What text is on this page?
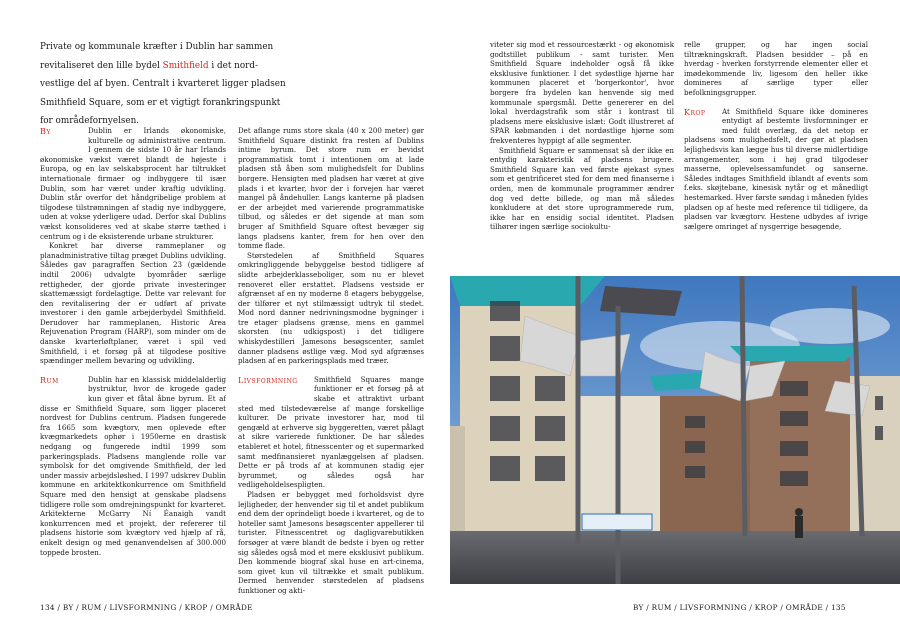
Private og kommunale kræfter i Dublin har sammen revitaliseret den lille bydel Smithfield i det nord-vestlige del af byen. Centralt i kvarteret ligger pladsen Smithfield Square, som er et vigtigt forankringspunkt for områdefornyelsen.
By	Dublin er Irlands økonomiske, kulturelle og administrative centrum. I gennem de sidste 10 år har Irlands økonomiske vækst været blandt de højeste i Europa, og en lav selskabsprocent har tiltrukket internationale firmaer og indbyggere til især Dublin, som har været under kraftig udvikling. Dublin står overfor det håndgribelige problem at tilgodese tilstrømningen af stadig nye indbyggere, uden at vokse yderligere udad. Derfor skal Dublins vækst konsolideres ved at skabe større tæthed i centrum og i de eksisterende urbane strukturer.

Konkret har diverse rammeplaner og planadministrative tiltag præget Dublins udvikling. Således gav paragraffen Section 23 (gældende indtil 2006) udvalgte byområder særlige rettigheder, der gjorde private investeringer skattemæssigt fordelagtige. Dette var relevant for den revitalisering der er udført af private investorer i den gamle arbejderbydel Smithfield. Derudover har rammeplanen, Historic Area Rejuvenation Program (HARP), som minder om de danske kvarterløftplaner, været i spil ved Smithfield, i et forsøg på at tilgodese positive spændinger mellem bevaring og udvikling.

Rum	Dublin har en klassisk middelalderlig bystruktur, hvor de krogede gader kun giver et fåtal åbne byrum. Et af disse er Smithfield Square, som ligger placeret nordvest for Dublins centrum. Pladsen fungerede fra 1665 som kvægtorv, men oplevede efter kvægmarkedets ophør i 1950erne en drastisk nedgang og fungerede indtil 1999 som parkeringsplads. Pladsens manglende rolle var symbolsk for det omgivende Smithfield, der led under massiv arbejdsløshed. I 1997 udskrev Dublin kommune en arkitektkonkurrence om Smithfield Square med den hensigt at genskabe pladsens tidligere rolle som omdrejningspunkt for kvarteret. Arkitekterne McGarry Ní Éanaigh vandt konkurrencen med et projekt, der refererer til pladsens historie som kvægtorv ved hjælp af rå, enkelt design og med genanvendelsen af 300.000 toppede brosten.

Det aflange rums store skala (40 x 200 meter) gør Smithfield Square distinkt fra resten af Dublins intime byrum. Det store rum er bevidst programmatisk tomt i intentionen om at lade pladsen stå åben som mulighedsfelt for Dublins borgere. Hensigten med pladsen har været at give plads i et kvarter, hvor der i forvejen har været mangel på åndehuller. Langs kanterne på pladsen er der arbejdet med varierende programmatiske tilbud, og således er det sigende at man som bruger af Smithfield Square oftest bevæger sig langs pladsens kanter, frem for hen over den tomme flade.

Størstedelen af Smithfield Squares omkringliggende bebyggelse bestod tidligere af slidte arbejderklasseboliger, som nu er blevet renoveret eller erstattet. Pladsens vestside er afgrænset af en ny moderne 8 etagers bebyggelse, der tilfører et nyt stilmæssigt udtryk til stedet. Mod nord danner nedrivningsmodne bygninger i tre etager pladsens grænse, mens en gammel skorsten (nu udkigspost) i det tidligere whiskydestilleri Jamesons besøgscenter, samlet danner pladsens østlige væg. Mod syd afgrænses pladsen af en parkeringsplads med træer.

Livsformning	Smithfield Squares mange funktioner er et forsøg på at skabe et attraktivt urbant sted med tilstedeværelse af mange forskellige kulturer. De private investorer har, mod til gengæld at erhverve sig byggeretten, været pålagt at sikre varierede funktioner. De har således etableret et hotel, fitnesscenter og et supermarked samt medfinansieret nyanlæggelsen af pladsen. Dette er på trods af at kommunen stadig ejer byrummet, og således også har vedligeholdelsespligten.

Pladsen er bebygget med forholdsvist dyre lejligheder, der henvender sig til et andet publikum end dem der oprindeligt boede i kvarteret, og de to hoteller samt Jamesons besøgscenter appellerer til turister. Fitnesscentret og dagligvarebutikken forsøger at være blandt de bedste i byen og retter sig således også mod et mere eksklusivt publikum. Den kommende biograf skal huse en art-cinema, som givet kun vil tiltrække et smalt publikum. Dermed henvender størstedelen af pladsens funktioner og akti-

134 / BY / RUM / LIVSFORMNING / KROP / OMRÅDE

viteter sig mod et ressourcestærkt - og økonomisk godtstillet publikum - samt turister. Men Smithfield Square indeholder også få ikke eksklusive funktioner. I det sydøstlige hjørne har kommunen placeret et 'borgerkontor', hvor borgere fra bydelen kan henvende sig med kommunale spørgsmål. Dette genererer en del lokal hverdagstrafik som står i kontrast til pladsens mere eksklusive islæt: Godt illustreret af SPAR købmanden i det nordøstlige hjørne som frekventeres hyppigt af alle segmenter.

Smithfield Square er sammensat så der ikke en entydig karakteristik af pladsens brugere. Smithfield Square kan ved første øjekast synes som et gentrificeret sted for dem med finanserne i orden, men de kommunale programmer ændrer dog ved dette billede, og man må således konkludere at det store uprogrammerede rum, ikke har en ensidig social identitet. Pladsen tilhører ingen særlige sociokultu-

relle grupper, og har ingen social tiltrækningskraft. Pladsen besidder – på en hverdag - hverken forstyrrende elementer eller et imødekommende liv, ligesom den heller ikke domineres af særlige typer eller befolkningsgrupper.

Krop	At Smithfield Square ikke domineres entydigt af bestemte livsformninger er med fuldt overlæg, da det netop er pladsens som mulighedsfelt, der gør at pladsen lejlighedsvis kan lægge hus til diverse midlertidige arrangementer, som i høj grad tilgodeser masserne, oplevelsessamfundet og sanserne. Således indtages Smithfield iblandt af events som f.eks. skøjtebane, kinesisk nytår og et månedligt hestemarked. Hver første søndag i måneden fyldes pladsen op af heste med reference til tidligere, da pladsen var kvægtorv. Hestene udbydes af ivrige sælgere omringet af nysgerrige besøgende,

BY / RUM / LIVSFORMNING / KROP / OMRÅDE / 135
